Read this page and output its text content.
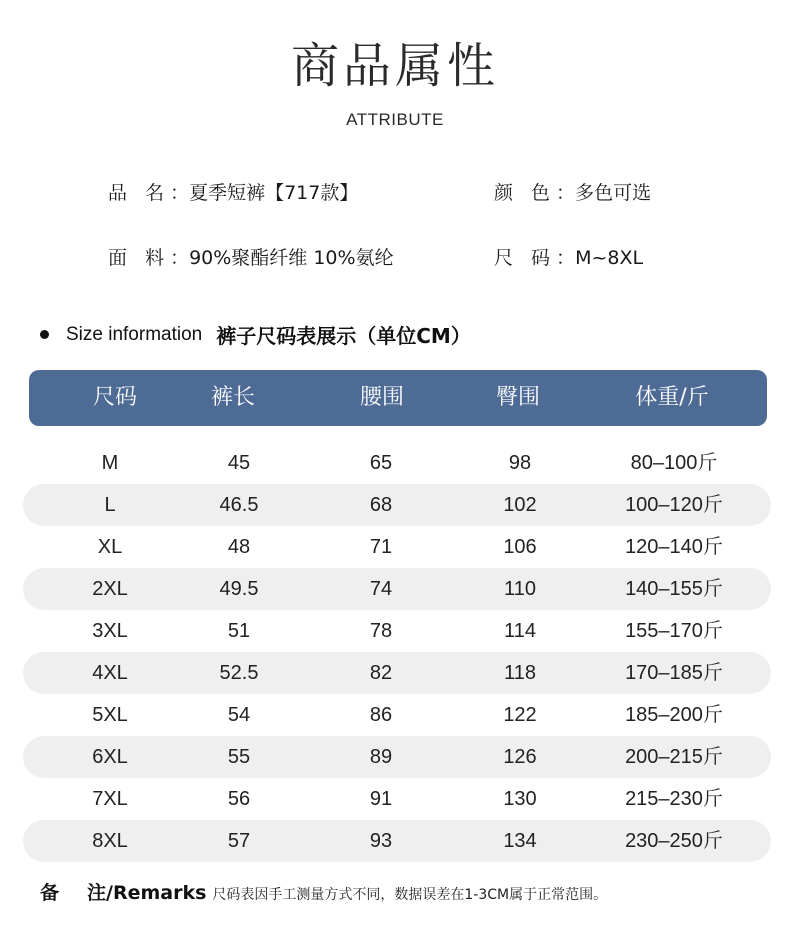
商品属性
ATTRIBUTE
品 名：夏季短裤【717款】	颜 色：多色可选
面 料：90%聚酯纤维 10%氨纶	尺 码：M~8XL
Size information 裤子尺码表展示（单位CM）
尺码	裤长	腰围	臀围	体重/斤
M	45	65	98	80–100斤
L	46.5	68	102	100–120斤
XL	48	71	106	120–140斤
2XL	49.5	74	110	140–155斤
3XL	51	78	114	155–170斤
4XL	52.5	82	118	170–185斤
5XL	54	86	122	185–200斤
6XL	55	89	126	200–215斤
7XL	56	91	130	215–230斤
8XL	57	93	134	230–250斤
备 注/Remarks 尺码表因手工测量方式不同，数据误差在1-3CM属于正常范围。
